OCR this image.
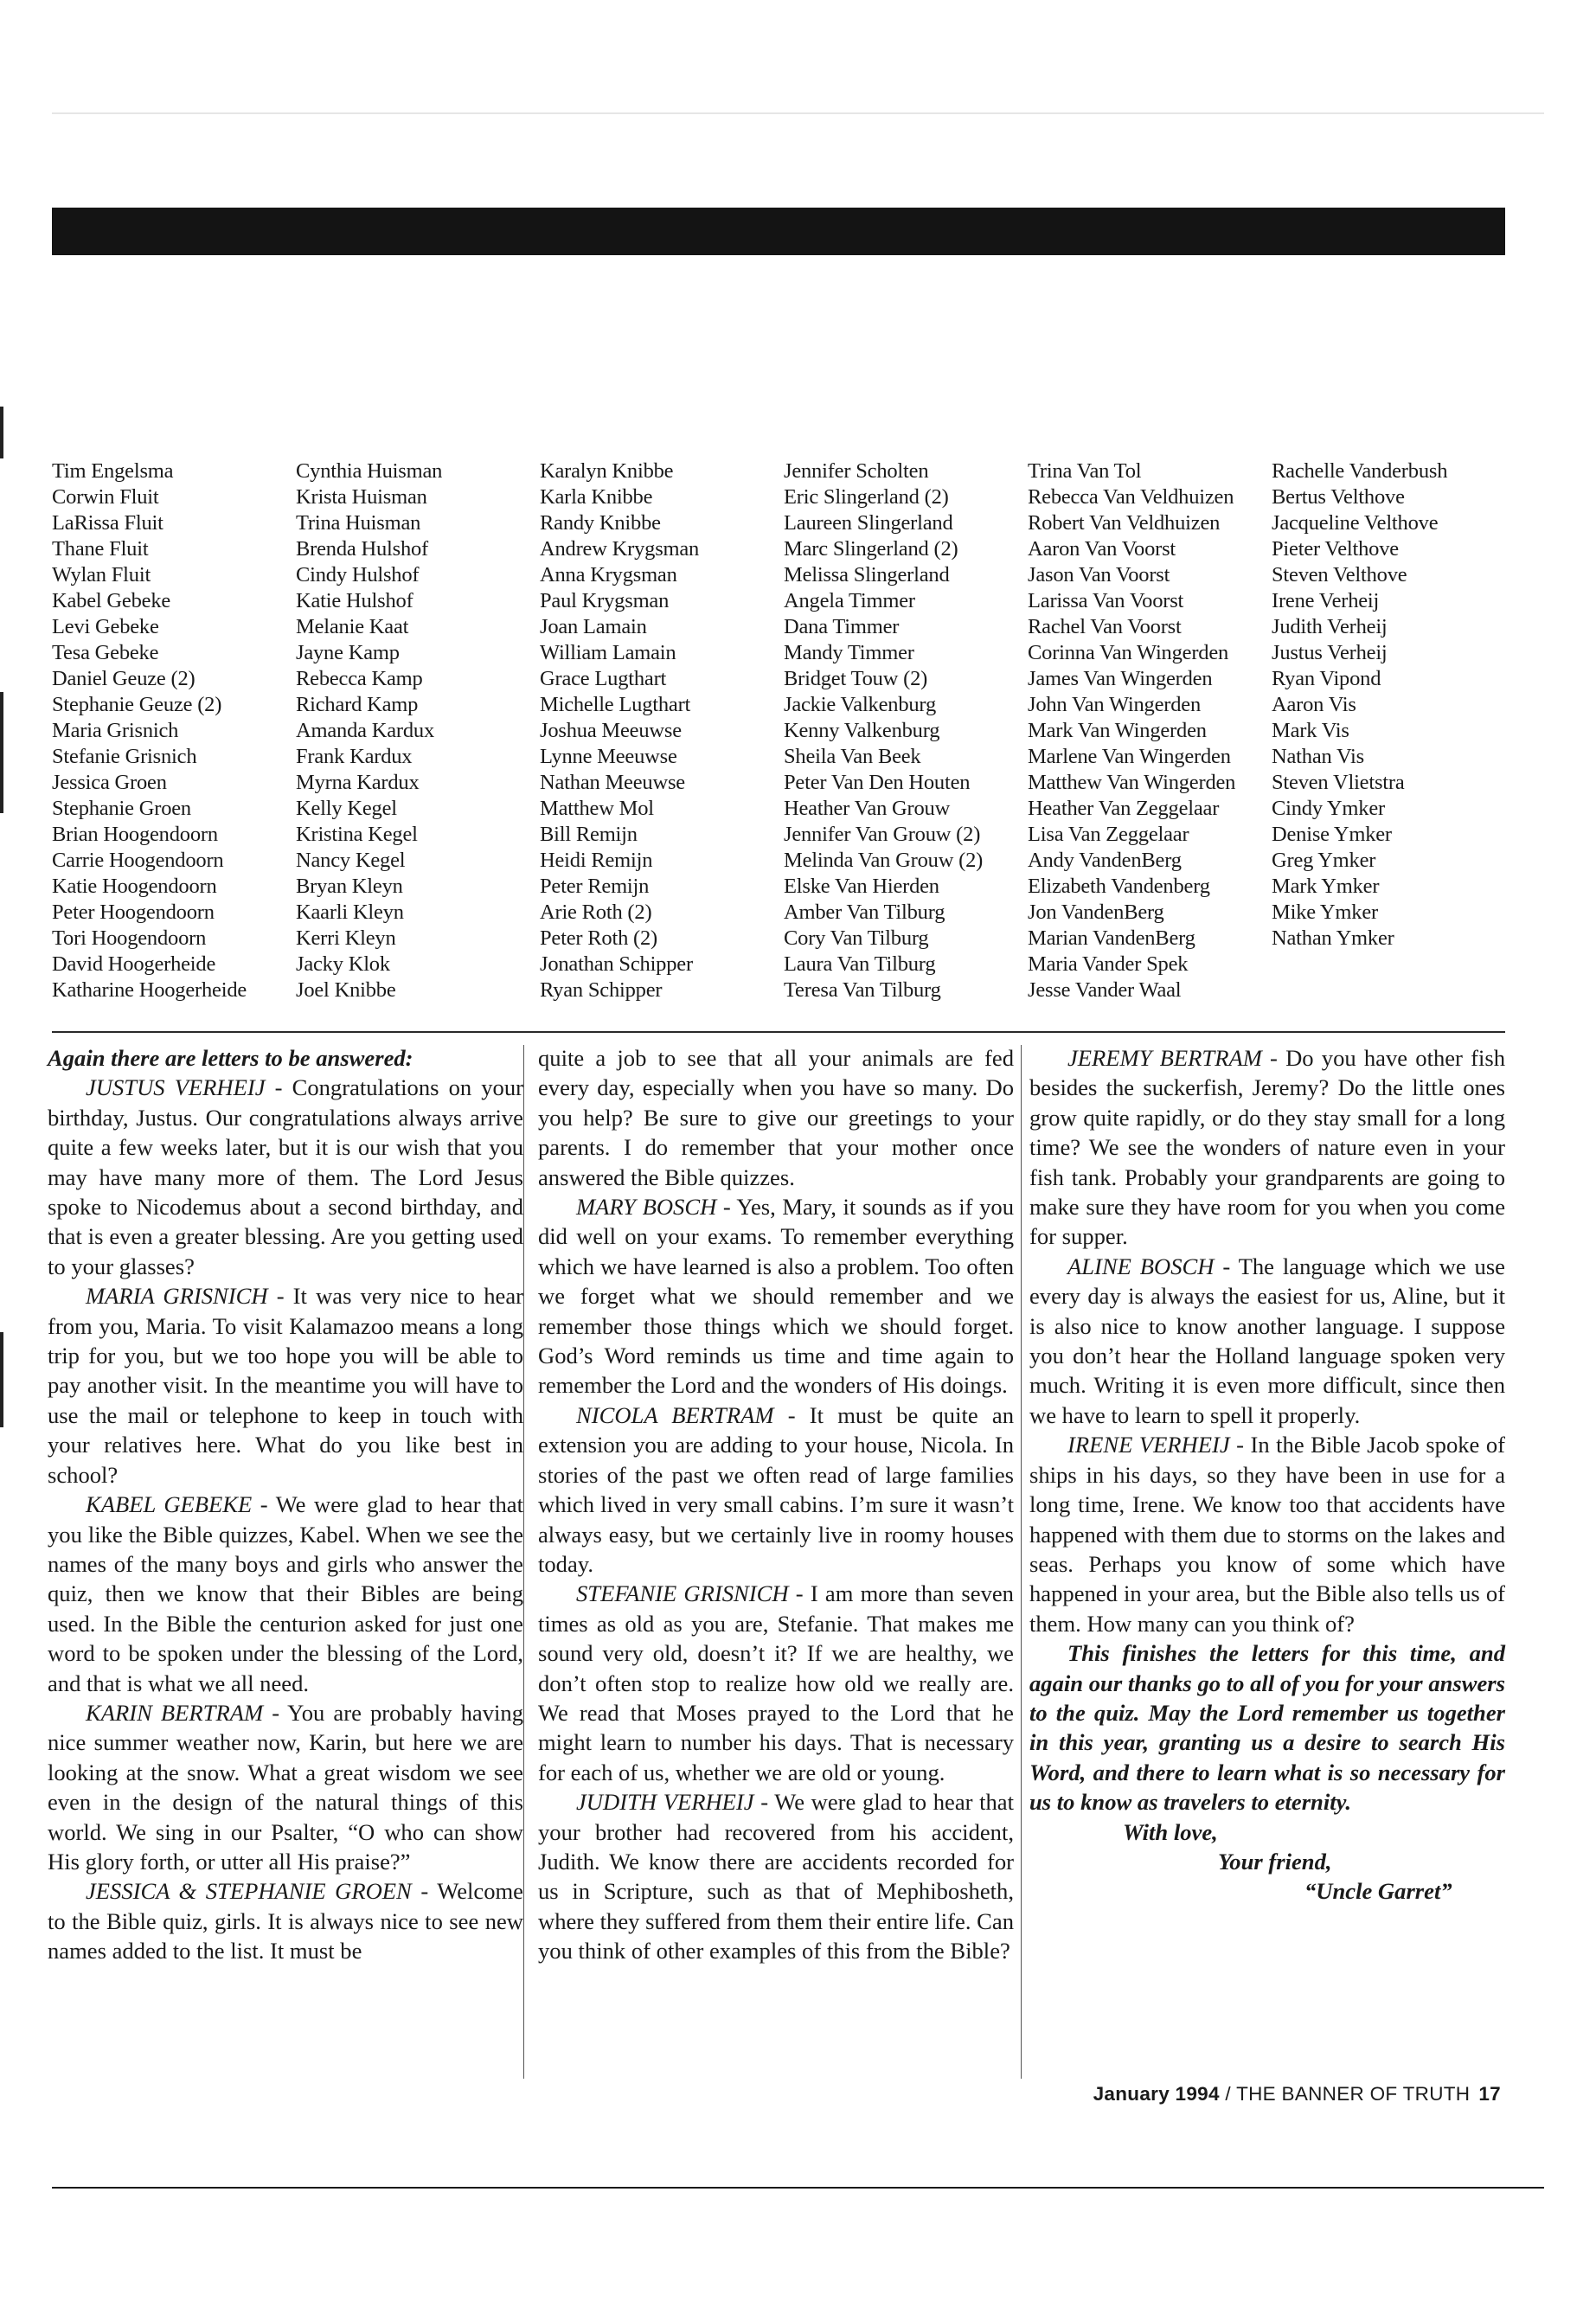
Tim Engelsma
Corwin Fluit
LaRissa Fluit
Thane Fluit
Wylan Fluit
Kabel Gebeke
Levi Gebeke
Tesa Gebeke
Daniel Geuze (2)
Stephanie Geuze (2)
Maria Grisnich
Stefanie Grisnich
Jessica Groen
Stephanie Groen
Brian Hoogendoorn
Carrie Hoogendoorn
Katie Hoogendoorn
Peter Hoogendoorn
Tori Hoogendoorn
David Hoogerheide
Katharine Hoogerheide
Cynthia Huisman
Krista Huisman
Trina Huisman
Brenda Hulshof
Cindy Hulshof
Katie Hulshof
Melanie Kaat
Jayne Kamp
Rebecca Kamp
Richard Kamp
Amanda Kardux
Frank Kardux
Myrna Kardux
Kelly Kegel
Kristina Kegel
Nancy Kegel
Bryan Kleyn
Kaarli Kleyn
Kerri Kleyn
Jacky Klok
Joel Knibbe
Karalyn Knibbe
Karla Knibbe
Randy Knibbe
Andrew Krygsman
Anna Krygsman
Paul Krygsman
Joan Lamain
William Lamain
Grace Lugthart
Michelle Lugthart
Joshua Meeuwse
Lynne Meeuwse
Nathan Meeuwse
Matthew Mol
Bill Remijn
Heidi Remijn
Peter Remijn
Arie Roth (2)
Peter Roth (2)
Jonathan Schipper
Ryan Schipper
Jennifer Scholten
Eric Slingerland (2)
Laureen Slingerland
Marc Slingerland (2)
Melissa Slingerland
Angela Timmer
Dana Timmer
Mandy Timmer
Bridget Touw (2)
Jackie Valkenburg
Kenny Valkenburg
Sheila Van Beek
Peter Van Den Houten
Heather Van Grouw
Jennifer Van Grouw (2)
Melinda Van Grouw (2)
Elske Van Hierden
Amber Van Tilburg
Cory Van Tilburg
Laura Van Tilburg
Teresa Van Tilburg
Trina Van Tol
Rebecca Van Veldhuizen
Robert Van Veldhuizen
Aaron Van Voorst
Jason Van Voorst
Larissa Van Voorst
Rachel Van Voorst
Corinna Van Wingerden
James Van Wingerden
John Van Wingerden
Mark Van Wingerden
Marlene Van Wingerden
Matthew Van Wingerden
Heather Van Zeggelaar
Lisa Van Zeggelaar
Andy VandenBerg
Elizabeth Vandenberg
Jon VandenBerg
Marian VandenBerg
Maria Vander Spek
Jesse Vander Waal
Rachelle Vanderbush
Bertus Velthove
Jacqueline Velthove
Pieter Velthove
Steven Velthove
Irene Verheij
Judith Verheij
Justus Verheij
Ryan Vipond
Aaron Vis
Mark Vis
Nathan Vis
Steven Vlietstra
Cindy Ymker
Denise Ymker
Greg Ymker
Mark Ymker
Mike Ymker
Nathan Ymker

Again there are letters to be answered:

JUSTUS VERHEIJ - Congratulations on your birthday, Justus. Our congratulations always arrive quite a few weeks later, but it is our wish that you may have many more of them. The Lord Jesus spoke to Nicodemus about a second birthday, and that is even a greater blessing. Are you getting used to your glasses?

MARIA GRISNICH - It was very nice to hear from you, Maria. To visit Kalamazoo means a long trip for you, but we too hope you will be able to pay another visit. In the meantime you will have to use the mail or telephone to keep in touch with your relatives here. What do you like best in school?

KABEL GEBEKE - We were glad to hear that you like the Bible quizzes, Kabel. When we see the names of the many boys and girls who answer the quiz, then we know that their Bibles are being used. In the Bible the centurion asked for just one word to be spoken under the blessing of the Lord, and that is what we all need.

KARIN BERTRAM - You are probably having nice summer weather now, Karin, but here we are looking at the snow. What a great wisdom we see even in the design of the natural things of this world. We sing in our Psalter, “O who can show His glory forth, or utter all His praise?”

JESSICA & STEPHANIE GROEN - Welcome to the Bible quiz, girls. It is always nice to see new names added to the list. It must be

quite a job to see that all your animals are fed every day, especially when you have so many. Do you help? Be sure to give our greetings to your parents. I do remember that your mother once answered the Bible quizzes.

MARY BOSCH - Yes, Mary, it sounds as if you did well on your exams. To remember everything which we have learned is also a problem. Too often we forget what we should remember and we remember those things which we should forget. God’s Word reminds us time and time again to remember the Lord and the wonders of His doings.

NICOLA BERTRAM - It must be quite an extension you are adding to your house, Nicola. In stories of the past we often read of large families which lived in very small cabins. I’m sure it wasn’t always easy, but we certainly live in roomy houses today.

STEFANIE GRISNICH - I am more than seven times as old as you are, Stefanie. That makes me sound very old, doesn’t it? If we are healthy, we don’t often stop to realize how old we really are. We read that Moses prayed to the Lord that he might learn to number his days. That is necessary for each of us, whether we are old or young.

JUDITH VERHEIJ - We were glad to hear that your brother had recovered from his accident, Judith. We know there are accidents recorded for us in Scripture, such as that of Mephibosheth, where they suffered from them their entire life. Can you think of other examples of this from the Bible?

JEREMY BERTRAM - Do you have other fish besides the suckerfish, Jeremy? Do the little ones grow quite rapidly, or do they stay small for a long time? We see the wonders of nature even in your fish tank. Probably your grandparents are going to make sure they have room for you when you come for supper.

ALINE BOSCH - The language which we use every day is always the easiest for us, Aline, but it is also nice to know another language. I suppose you don’t hear the Holland language spoken very much. Writing it is even more difficult, since then we have to learn to spell it properly.

IRENE VERHEIJ - In the Bible Jacob spoke of ships in his days, so they have been in use for a long time, Irene. We know too that accidents have happened with them due to storms on the lakes and seas. Perhaps you know of some which have happened in your area, but the Bible also tells us of them. How many can you think of?

This finishes the letters for this time, and again our thanks go to all of you for your answers to the quiz. May the Lord remember us together in this year, granting us a desire to search His Word, and there to learn what is so necessary for us to know as travelers to eternity.

With love,

Your friend,

“Uncle Garret”

January 1994 / THE BANNER OF TRUTH 17
